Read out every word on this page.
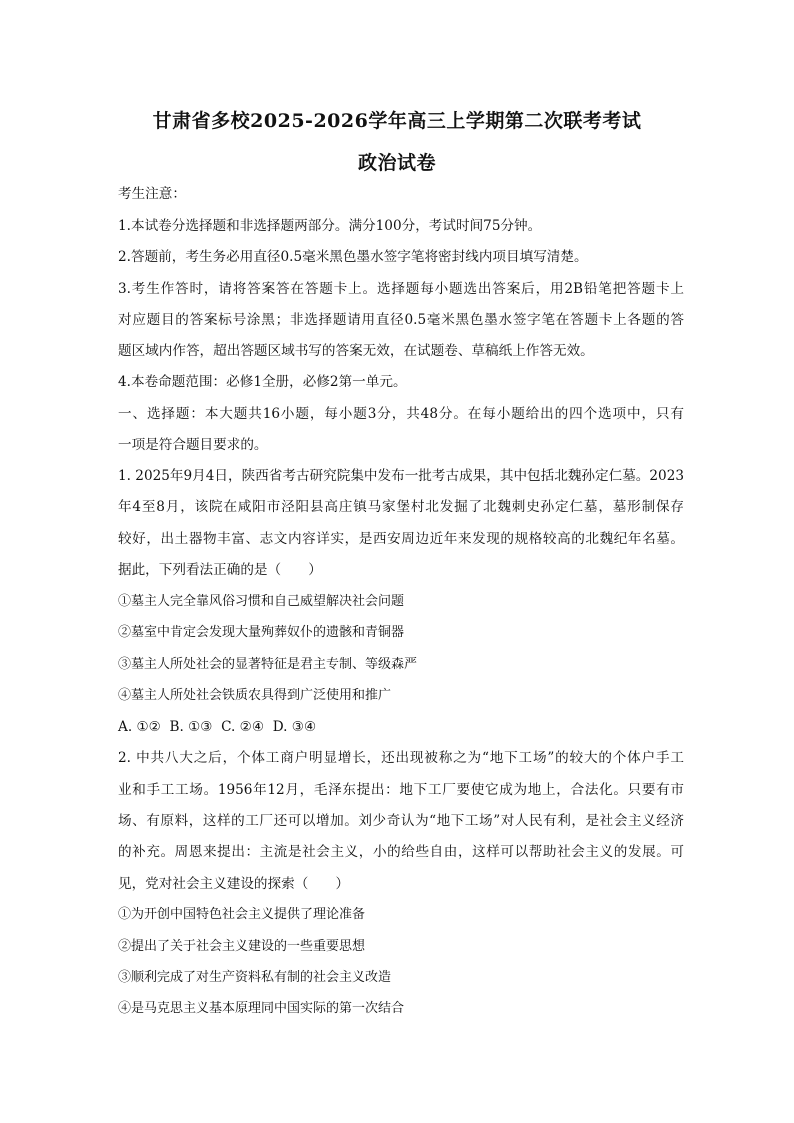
甘肃省多校2025-2026学年高三上学期第二次联考考试
政治试卷
考生注意：
1.本试卷分选择题和非选择题两部分。满分100分，考试时间75分钟。
2.答题前，考生务必用直径0.5毫米黑色墨水签字笔将密封线内项目填写清楚。
3.考生作答时，请将答案答在答题卡上。选择题每小题选出答案后，用2B铅笔把答题卡上
对应题目的答案标号涂黑；非选择题请用直径0.5毫米黑色墨水签字笔在答题卡上各题的答
题区域内作答，超出答题区域书写的答案无效，在试题卷、草稿纸上作答无效。
4.本卷命题范围：必修1全册，必修2第一单元。
一、选择题：本大题共16小题，每小题3分，共48分。在每小题给出的四个选项中，只有
一项是符合题目要求的。
1. 2025年9月4日，陕西省考古研究院集中发布一批考古成果，其中包括北魏孙定仁墓。2023
年4至8月，该院在咸阳市泾阳县高庄镇马家堡村北发掘了北魏刺史孙定仁墓，墓形制保存
较好，出土器物丰富、志文内容详实，是西安周边近年来发现的规格较高的北魏纪年名墓。
据此，下列看法正确的是（　　）
①墓主人完全靠风俗习惯和自己威望解决社会问题
②墓室中肯定会发现大量殉葬奴仆的遗骸和青铜器
③墓主人所处社会的显著特征是君主专制、等级森严
④墓主人所处社会铁质农具得到广泛使用和推广
A. ①②  B. ①③  C. ②④  D. ③④
2. 中共八大之后，个体工商户明显增长，还出现被称之为“地下工场”的较大的个体户手工
业和手工工场。1956年12月，毛泽东提出：地下工厂要使它成为地上，合法化。只要有市
场、有原料，这样的工厂还可以增加。刘少奇认为“地下工场”对人民有利，是社会主义经济
的补充。周恩来提出：主流是社会主义，小的给些自由，这样可以帮助社会主义的发展。可
见，党对社会主义建设的探索（　　）
①为开创中国特色社会主义提供了理论准备
②提出了关于社会主义建设的一些重要思想
③顺利完成了对生产资料私有制的社会主义改造
④是马克思主义基本原理同中国实际的第一次结合
